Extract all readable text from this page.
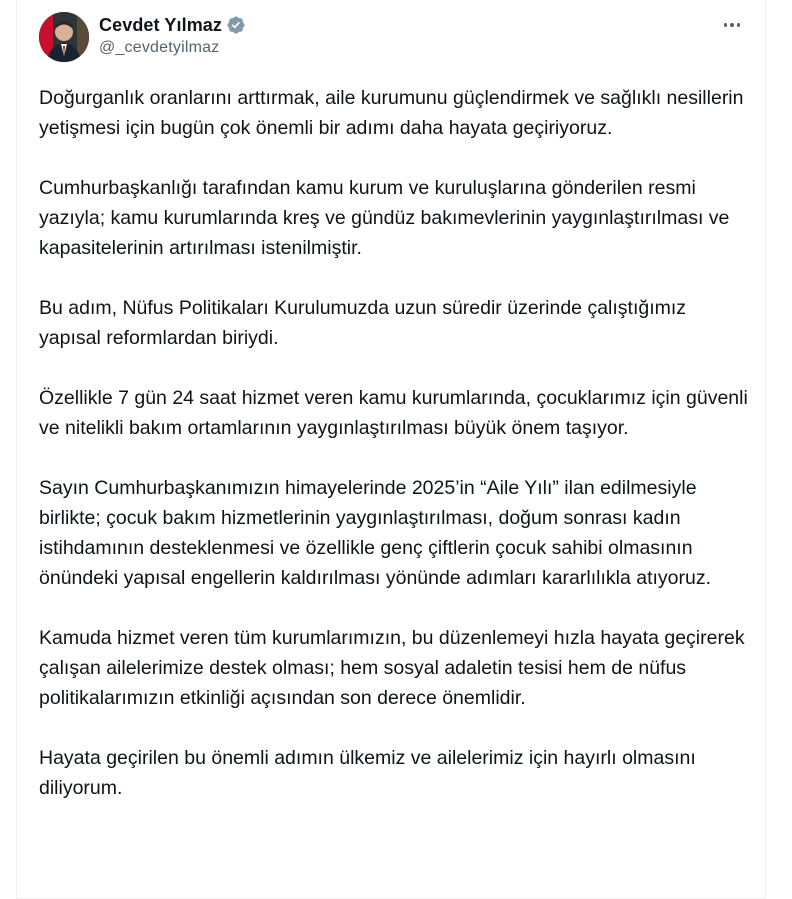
Cevdet Yılmaz
@_cevdetyilmaz

Doğurganlık oranlarını arttırmak, aile kurumunu güçlendirmek ve sağlıklı nesillerin yetişmesi için bugün çok önemli bir adımı daha hayata geçiriyoruz.

Cumhurbaşkanlığı tarafından kamu kurum ve kuruluşlarına gönderilen resmi yazıyla; kamu kurumlarında kreş ve gündüz bakımevlerinin yaygınlaştırılması ve kapasitelerinin artırılması istenilmiştir.

Bu adım, Nüfus Politikaları Kurulumuzda uzun süredir üzerinde çalıştığımız yapısal reformlardan biriydi.

Özellikle 7 gün 24 saat hizmet veren kamu kurumlarında, çocuklarımız için güvenli ve nitelikli bakım ortamlarının yaygınlaştırılması büyük önem taşıyor.

Sayın Cumhurbaşkanımızın himayelerinde 2025’in “Aile Yılı” ilan edilmesiyle birlikte; çocuk bakım hizmetlerinin yaygınlaştırılması, doğum sonrası kadın istihdamının desteklenmesi ve özellikle genç çiftlerin çocuk sahibi olmasının önündeki yapısal engellerin kaldırılması yönünde adımları kararlılıkla atıyoruz.

Kamuda hizmet veren tüm kurumlarımızın, bu düzenlemeyi hızla hayata geçirerek çalışan ailelerimize destek olması; hem sosyal adaletin tesisi hem de nüfus politikalarımızın etkinliği açısından son derece önemlidir.

Hayata geçirilen bu önemli adımın ülkemiz ve ailelerimiz için hayırlı olmasını diliyorum.
